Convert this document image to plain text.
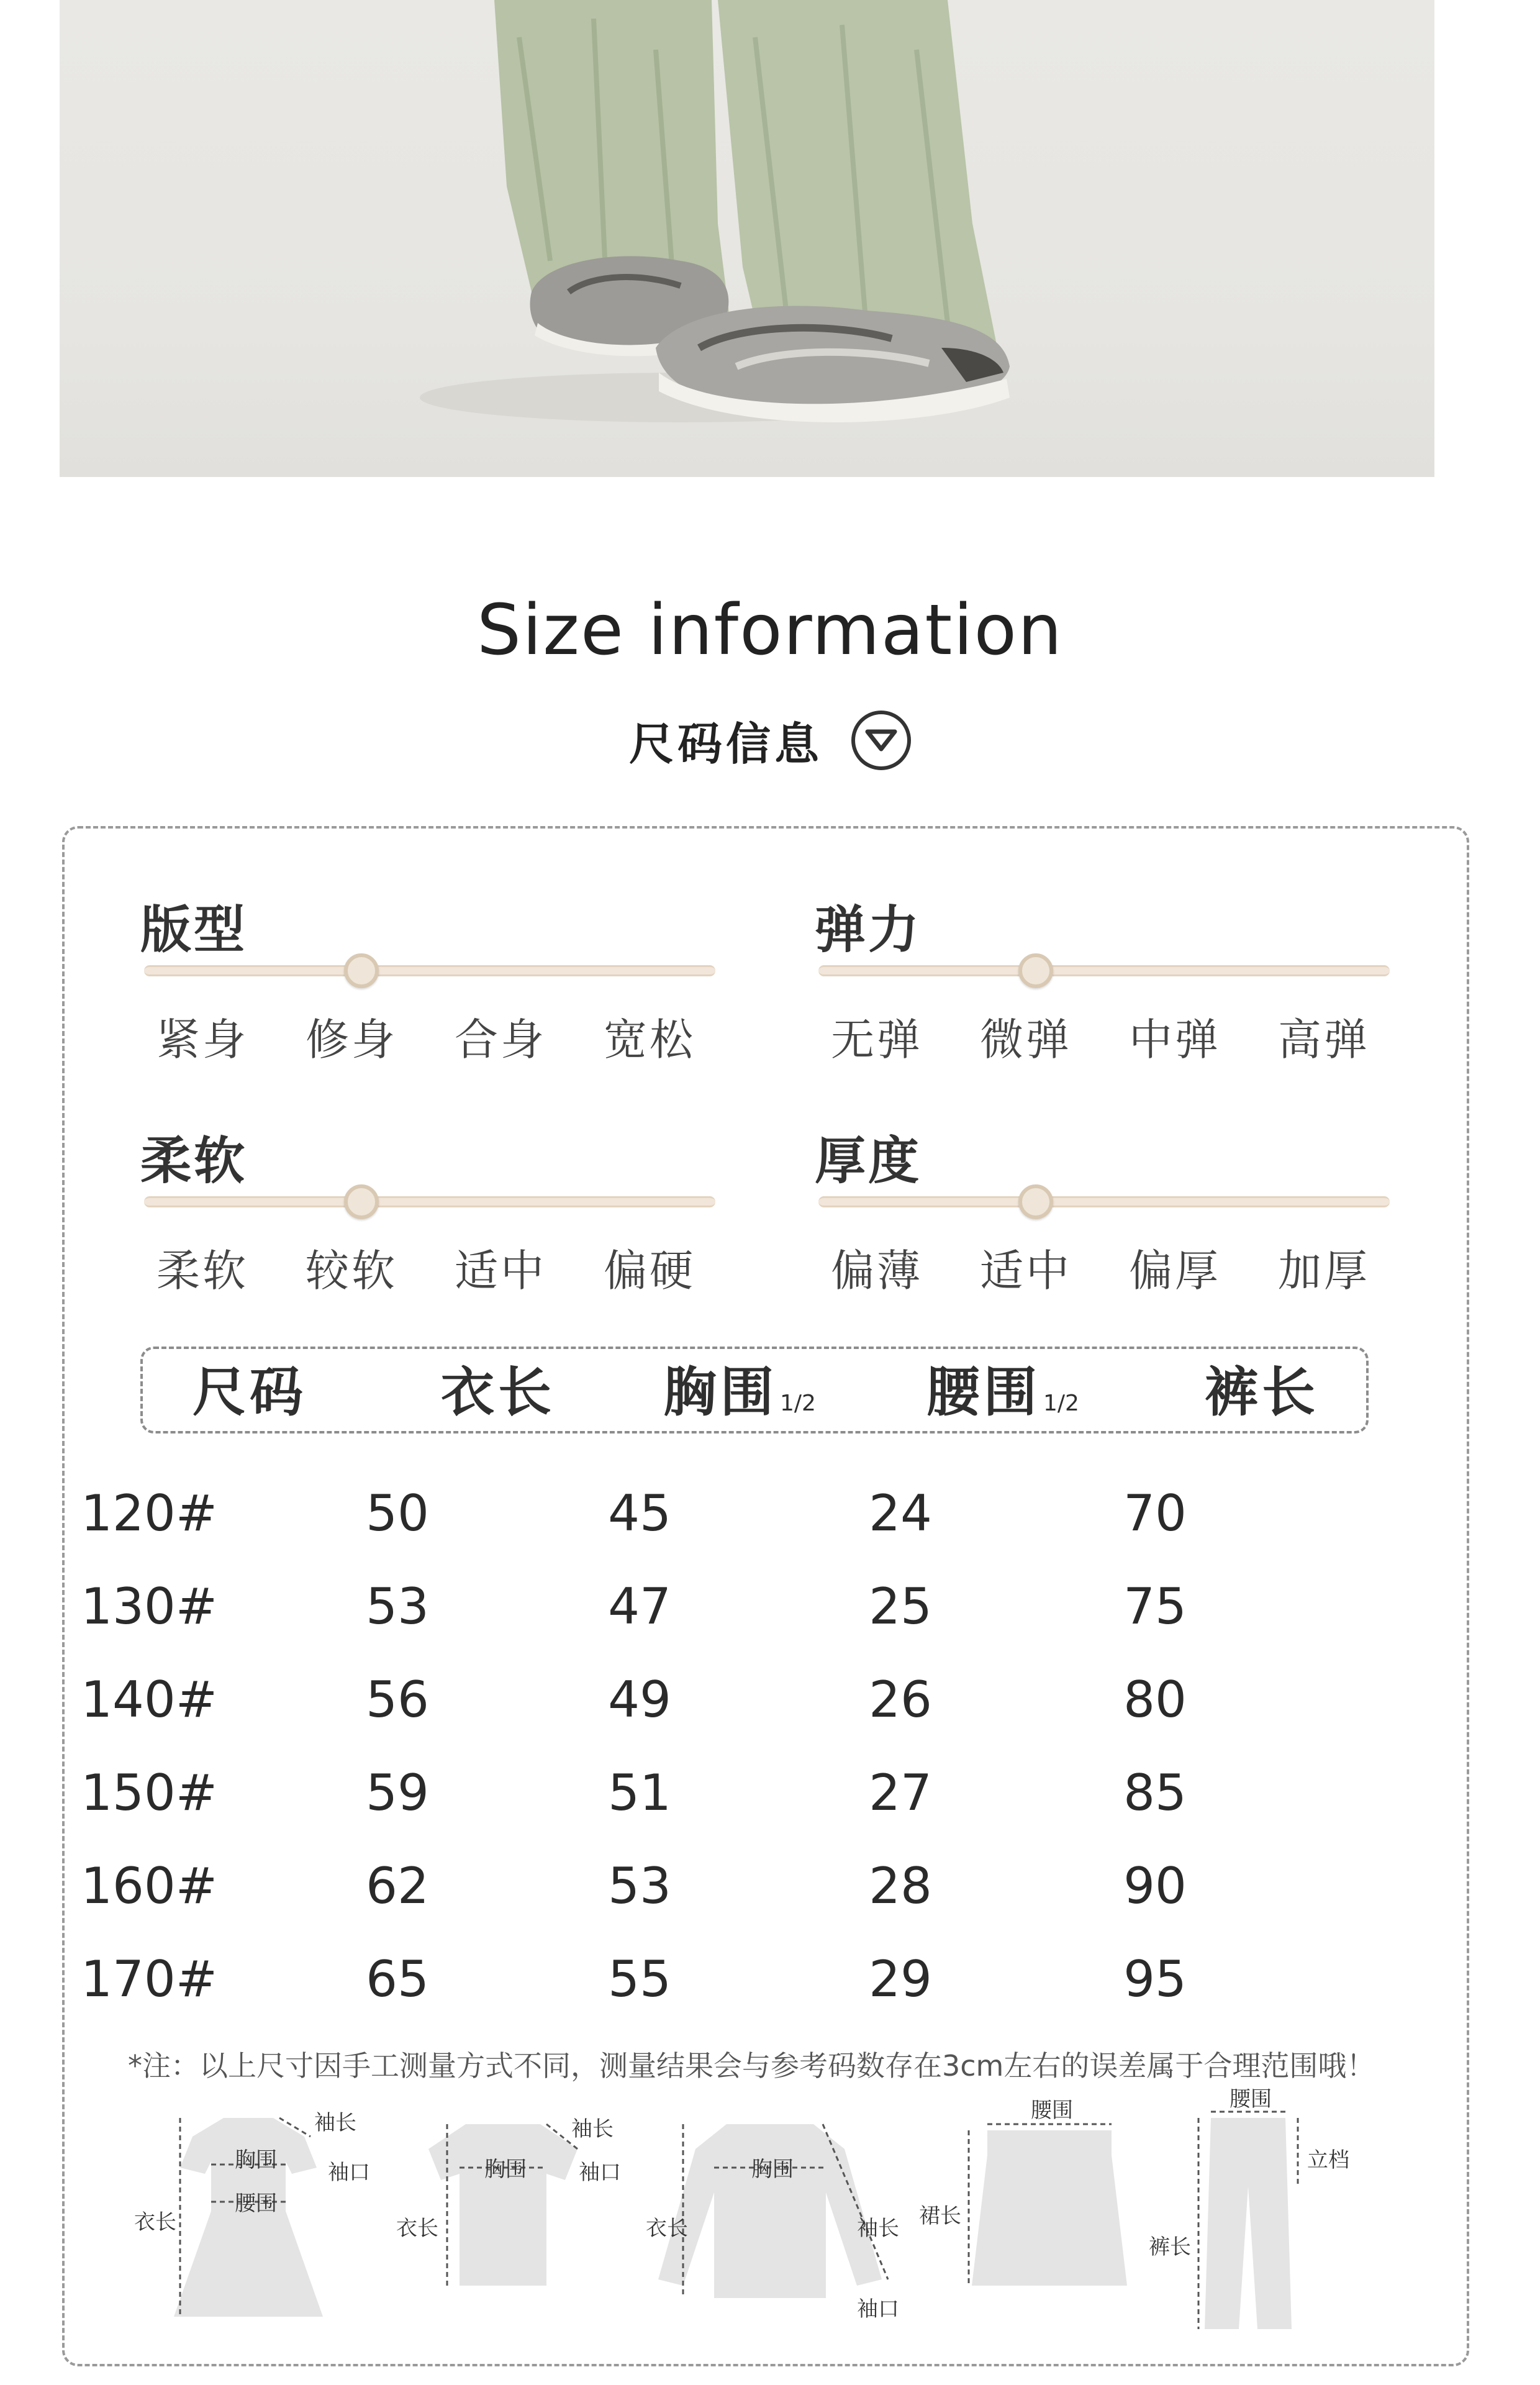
Size information
尺码信息
版型
紧身	修身	合身	宽松
弹力
无弹	微弹	中弹	高弹
柔软
柔软	较软	适中	偏硬
厚度
偏薄	适中	偏厚	加厚
尺码	衣长 胸围 1/2 腰围 1/2 裤长
120#	50	45	24	70
130#	53	47	25	75
140#	56	49	26	80
150#	59	51	27	85
160#	62	53	28	90
170#	65	55	29	95
*注：以上尺寸因手工测量方式不同，测量结果会与参考码数存在3cm左右的误差属于合理范围哦！
衣长
胸围
腰围
袖长
袖口
衣长
胸围
袖长
袖口
衣长
胸围
袖长
袖口
腰围
裙长
腰围
立档
裤长
